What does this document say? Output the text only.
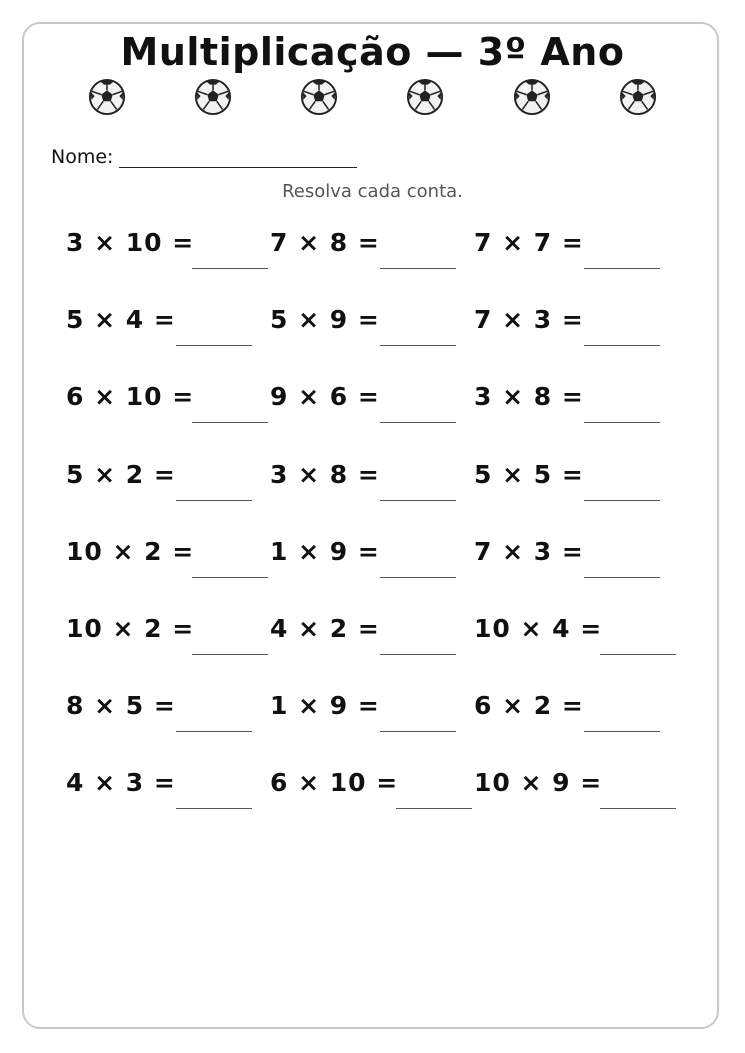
Multiplicação — 3º Ano
Nome:
Resolva cada conta.
3 × 10 =	7 × 8 =	7 × 7 =
5 × 4 =	5 × 9 =	7 × 3 =
6 × 10 =	9 × 6 =	3 × 8 =
5 × 2 =	3 × 8 =	5 × 5 =
10 × 2 =	1 × 9 =	7 × 3 =
10 × 2 =	4 × 2 =	10 × 4 =
8 × 5 =	1 × 9 =	6 × 2 =
4 × 3 =	6 × 10 =	10 × 9 =
